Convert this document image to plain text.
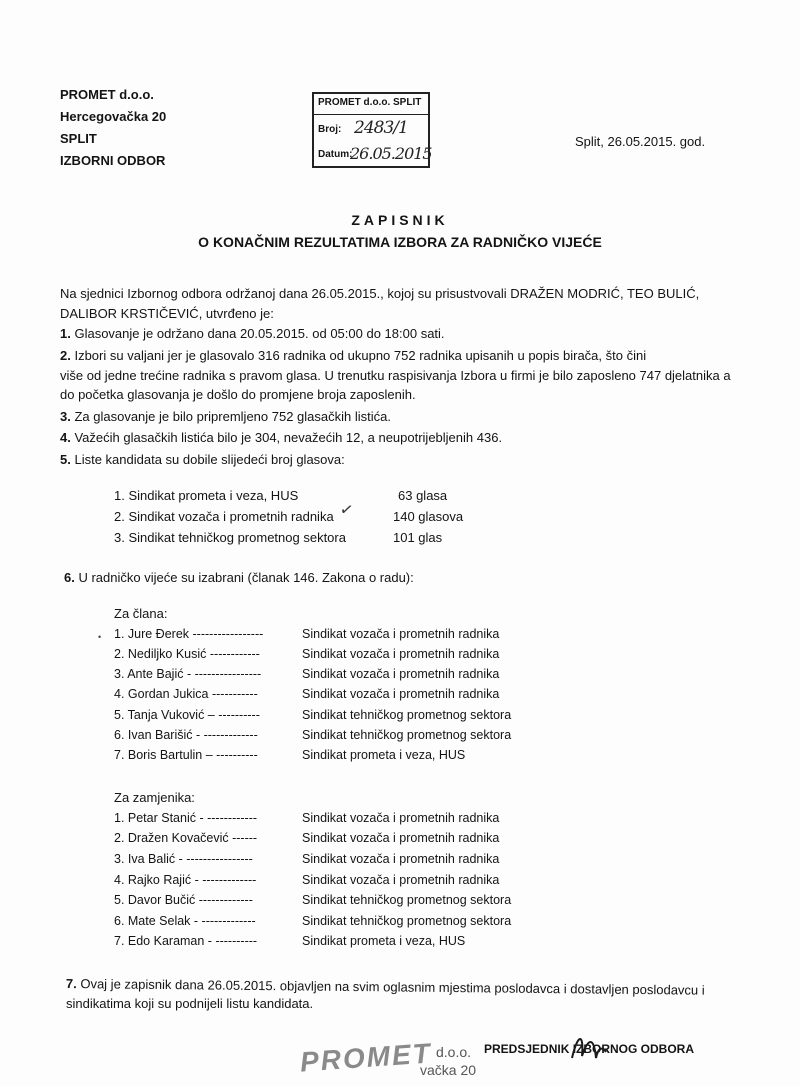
PROMET d.o.o.
Hercegovačka 20
SPLIT
IZBORNI ODBOR
PROMET d.o.o. SPLIT
Broj: 2483/1
Datum:
26.05.2015
Split, 26.05.2015. god.
ZAPISNIK
O KONAČNIM REZULTATIMA IZBORA ZA RADNIČKO VIJEĆE
Na sjednici Izbornog odbora održanoj dana 26.05.2015., kojoj su prisustvovali DRAŽEN MODRIĆ, TEO BULIĆ,
DALIBOR KRSTIČEVIĆ, utvrđeno je:
1. Glasovanje je održano dana 20.05.2015. od 05:00 do 18:00 sati.
2. Izbori su valjani jer je glasovalo 316 radnika od ukupno 752 radnika upisanih u popis birača, što čini
više od jedne trećine radnika s pravom glasa. U trenutku raspisivanja Izbora u firmi je bilo zaposleno 747 djelatnika a
do početka glasovanja je došlo do promjene broja zaposlenih.
3. Za glasovanje je bilo pripremljeno 752 glasačkih listića.
4. Važećih glasačkih listića bilo je 304, nevažećih 12, a neupotrijebljenih 436.
5. Liste kandidata su dobile slijedeći broj glasova:
1. Sindikat prometa i veza, HUS	63 glasa
2. Sindikat vozača i prometnih radnika	140 glasova
3. Sindikat tehničkog prometnog sektora	101 glas
✓
6. U radničko vijeće su izabrani (članak 146. Zakona o radu):
Za člana:
• 1. Jure Đerek -----------------	Sindikat vozača i prometnih radnika
2. Nediljko Kusić ------------	Sindikat vozača i prometnih radnika
3. Ante Bajić - ----------------	Sindikat vozača i prometnih radnika
4. Gordan Jukica -----------	Sindikat vozača i prometnih radnika
5. Tanja Vuković – ----------	Sindikat tehničkog prometnog sektora
6. Ivan Barišić - -------------	Sindikat tehničkog prometnog sektora
7. Boris Bartulin – ----------	Sindikat prometa i veza, HUS
Za zamjenika:
1. Petar Stanić - ------------	Sindikat vozača i prometnih radnika
2. Dražen Kovačević ------	Sindikat vozača i prometnih radnika
3. Iva Balić - ----------------	Sindikat vozača i prometnih radnika
4. Rajko Rajić - -------------	Sindikat vozača i prometnih radnika
5. Davor Bučić -------------	Sindikat tehničkog prometnog sektora
6. Mate Selak - -------------	Sindikat tehničkog prometnog sektora
7. Edo Karaman - ----------	Sindikat prometa i veza, HUS
7. Ovaj je zapisnik dana 26.05.2015. objavljen na svim oglasnim mjestima poslodavca i dostavljen poslodavcu i
sindikatima koji su podnijeli listu kandidata.
PROMET d.o.o.
vačka 20
PREDSJEDNIK IZBORNOG ODBORA
